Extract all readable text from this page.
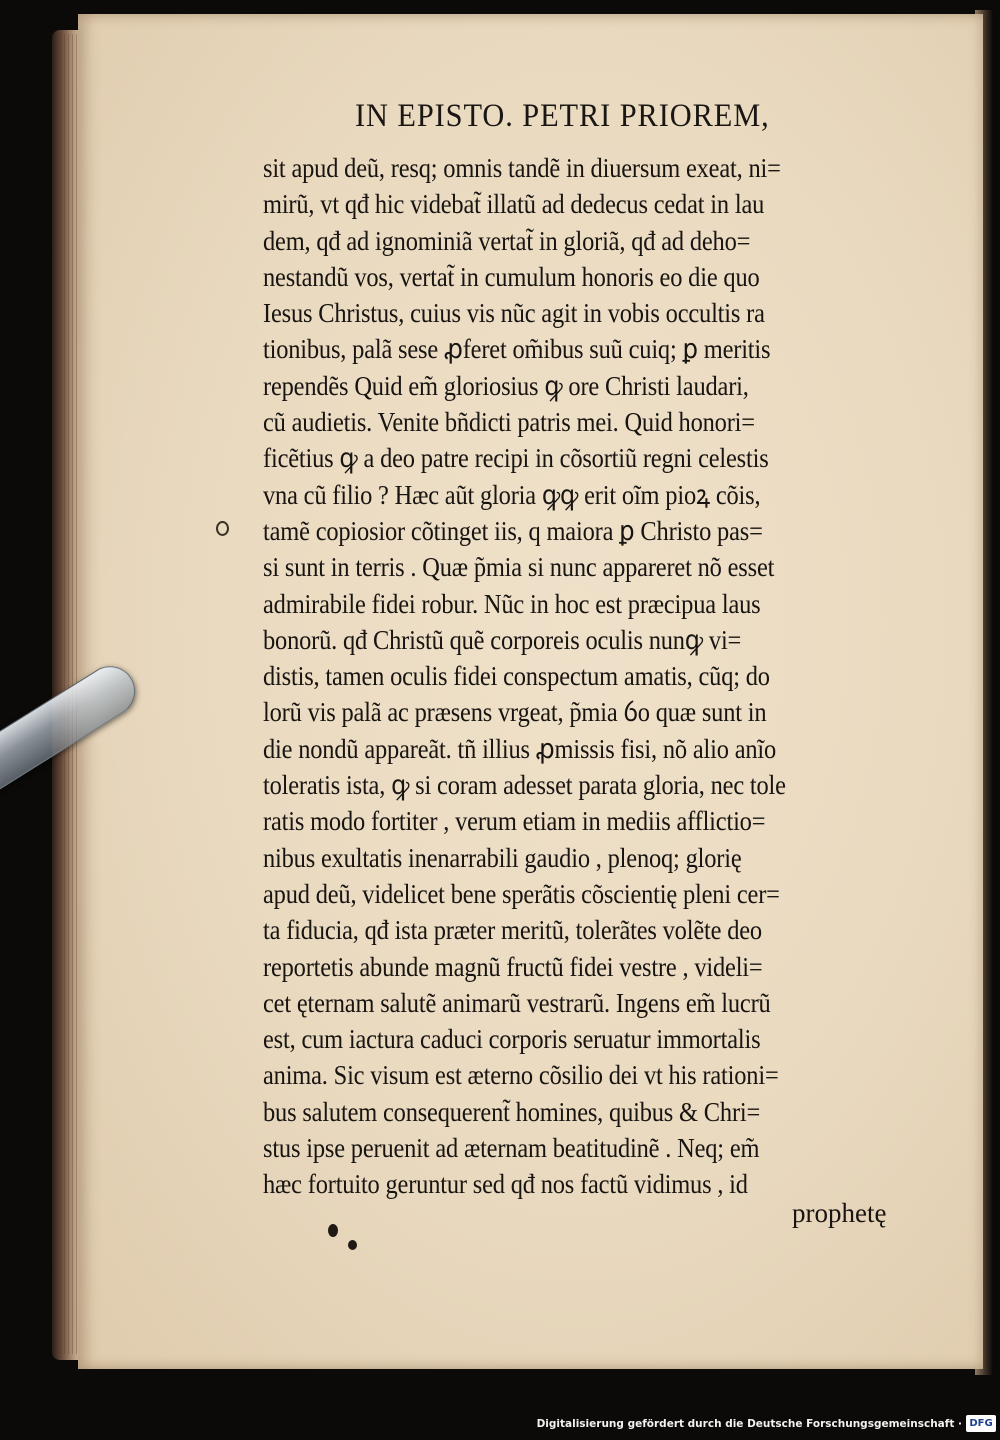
IN EPISTO. PETRI PRIOREM,
sit apud deũ, resq; omnis tandẽ in diuersum exeat, ni=
mirũ, vt qđ hic videbat̃ illatũ ad dedecus cedat in lau
dem, qđ ad ignominiã vertat̃ in gloriã, qđ ad deho=
nestandũ vos, vertat̃ in cumulum honoris eo die quo
Iesus Christus, cuius vis nũc agit in vobis occultis ra
tionibus, palã sese ꝓferet om̃ibus suũ cuiq; ꝑ meritis
rependẽs Quid em̃ gloriosius ꝙ ore Christi laudari,
cũ audietis. Venite bñdicti patris mei. Quid honori=
ficẽtius ꝙ a deo patre recipi in cõsortiũ regni celestis
vna cũ filio ? Hæc aũt gloria ꝙꝙ erit oĩm pioꝝ cõis,
tamẽ copiosior cõtinget iis, q maiora ꝑ Christo pas=
si sunt in terris . Quæ p̃mia si nunc appareret nõ esset
admirabile fidei robur. Nũc in hoc est præcipua laus
bonorũ. qđ Christũ quẽ corporeis oculis nunꝙ vi=
distis, tamen oculis fidei conspectum amatis, cũq; do
lorũ vis palã ac præsens vrgeat, p̃mia ỽo quæ sunt in
die nondũ appareãt. tñ illius ꝓmissis fisi, nõ alio anĩo
toleratis ista, ꝙ si coram adesset parata gloria, nec tole
ratis modo fortiter , verum etiam in mediis afflictio=
nibus exultatis inenarrabili gaudio , plenoq; glorię
apud deũ, videlicet bene sperãtis cõscientię pleni cer=
ta fiducia, qđ ista præter meritũ, tolerãtes volẽte deo
reportetis abunde magnũ fructũ fidei vestre , videli=
cet ęternam salutẽ animarũ vestrarũ. Ingens em̃ lucrũ
est, cum iactura caduci corporis seruatur immortalis
anima. Sic visum est æterno cõsilio dei vt his rationi=
bus salutem consequerent̃ homines, quibus & Chri=
stus ipse peruenit ad æternam beatitudinẽ . Neq; em̃
hæc fortuito geruntur sed qđ nos factũ vidimus , id
prophetę
Digitalisierung gefördert durch die Deutsche Forschungsgemeinschaft · DFG
